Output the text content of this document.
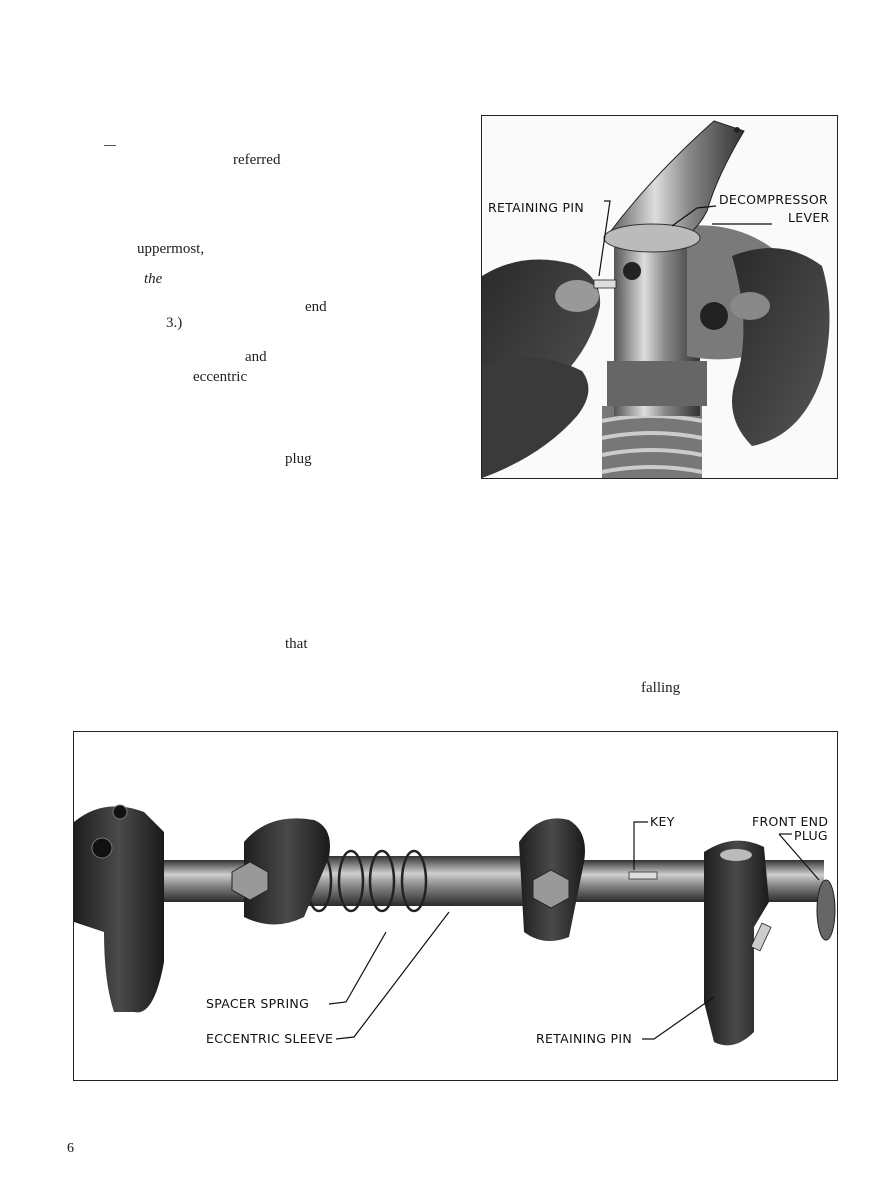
referred
uppermost,
the
end
3.)
and
eccentric
plug
that
falling
RETAINING PIN
DECOMPRESSOR
LEVER
KEY	FRONT END
PLUG
SPACER SPRING
ECCENTRIC SLEEVE	RETAINING PIN
6
